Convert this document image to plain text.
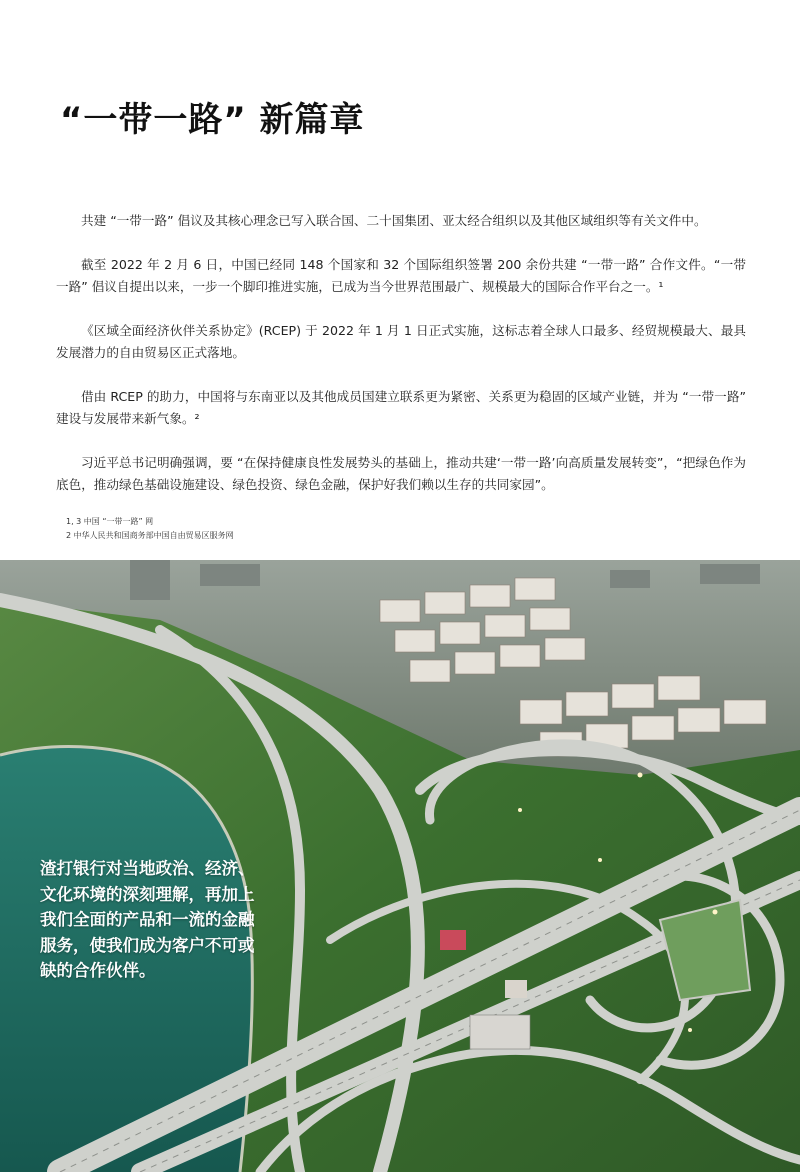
“一带一路” 新篇章

共建 “一带一路” 倡议及其核心理念已写入联合国、二十国集团、亚太经合组织以及其他区域组织等有关文件中。

截至 2022 年 2 月 6 日，中国已经同 148 个国家和 32 个国际组织签署 200 余份共建 “一带一路” 合作文件。“一带一路” 倡议自提出以来，一步一个脚印推进实施，已成为当今世界范围最广、规模最大的国际合作平台之一。¹

《区域全面经济伙伴关系协定》(RCEP) 于 2022 年 1 月 1 日正式实施，这标志着全球人口最多、经贸规模最大、最具发展潜力的自由贸易区正式落地。

借由 RCEP 的助力，中国将与东南亚以及其他成员国建立联系更为紧密、关系更为稳固的区域产业链，并为 “一带一路” 建设与发展带来新气象。²

习近平总书记明确强调，要 “在保持健康良性发展势头的基础上，推动共建‘一带一路’向高质量发展转变”，“把绿色作为底色，推动绿色基础设施建设、绿色投资、绿色金融，保护好我们赖以生存的共同家园”。

1, 3 中国 “一带一路” 网
2 中华人民共和国商务部中国自由贸易区服务网

渣打银行对当地政治、经济、文化环境的深刻理解，再加上我们全面的产品和一流的金融服务，使我们成为客户不可或缺的合作伙伴。
